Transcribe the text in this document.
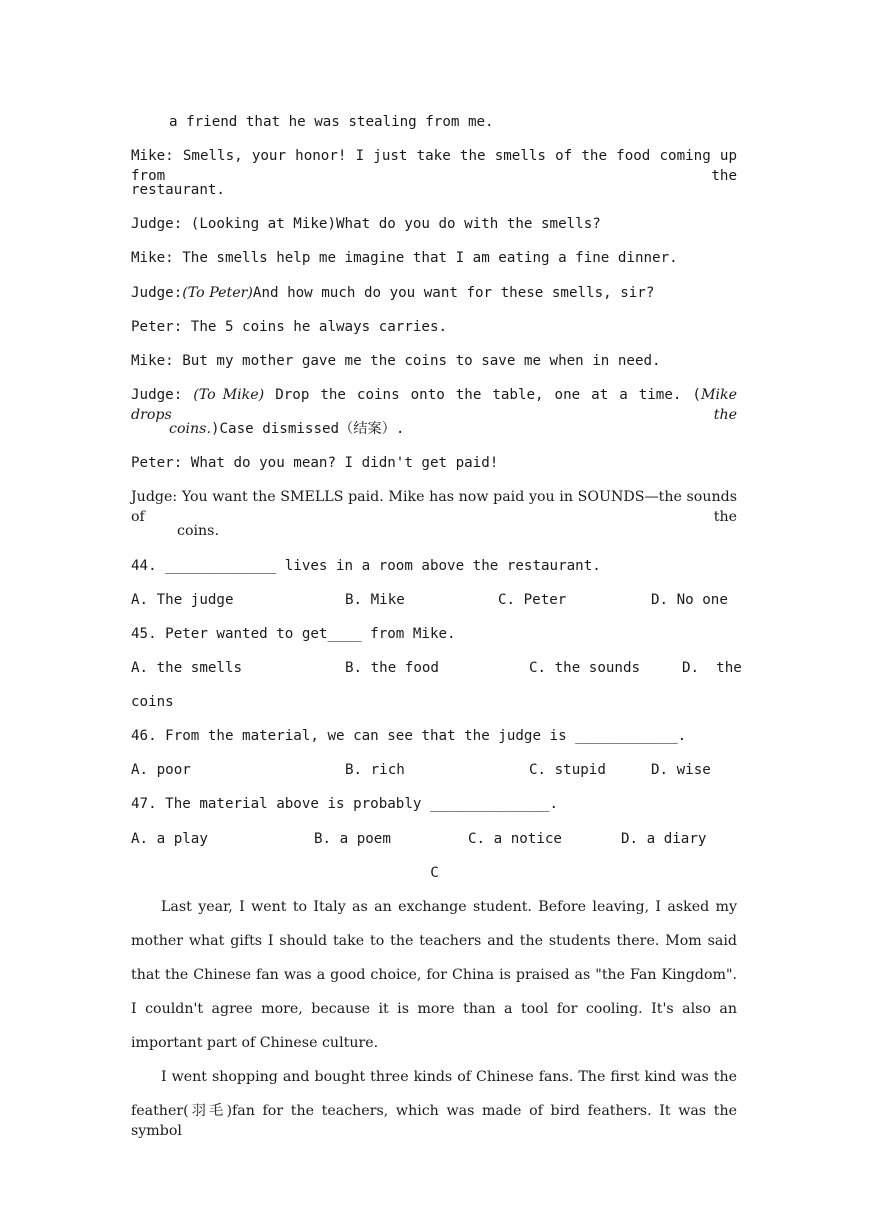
a friend that he was stealing from me.
Mike: Smells, your honor! I just take the smells of the food coming up from the
restaurant.
Judge: (Looking at Mike)What do you do with the smells?
Mike: The smells help me imagine that I am eating a fine dinner.
Judge:(To Peter)And how much do you want for these smells, sir?
Peter: The 5 coins he always carries.
Mike: But my mother gave me the coins to save me when in need.
Judge: (To Mike) Drop the coins onto the table, one at a time. (Mike drops the
coins.)Case dismissed（结案）.
Peter: What do you mean? I didn't get paid!
Judge: You want the SMELLS paid. Mike has now paid you in SOUNDS—the sounds of the
coins.
44. _____________ lives in a room above the restaurant.
A. The judge	B. Mike	C. Peter	D. No one
45. Peter wanted to get____ from Mike.
A. the smells	B. the food	C. the sounds	D.  the
coins
46. From the material, we can see that the judge is ____________.
A. poor	B. rich	C. stupid	D. wise
47. The material above is probably ______________.
A. a play	B. a poem	C. a notice	D. a diary
C
Last year, I went to Italy as an exchange student. Before leaving, I asked my
mother what gifts I should take to the teachers and the students there. Mom said
that the Chinese fan was a good choice, for China is praised as "the Fan Kingdom".
I couldn't agree more, because it is more than a tool for cooling. It's also an
important part of Chinese culture.
I went shopping and bought three kinds of Chinese fans. The first kind was the
feather(羽毛)fan for the teachers, which was made of bird feathers. It was the symbol
